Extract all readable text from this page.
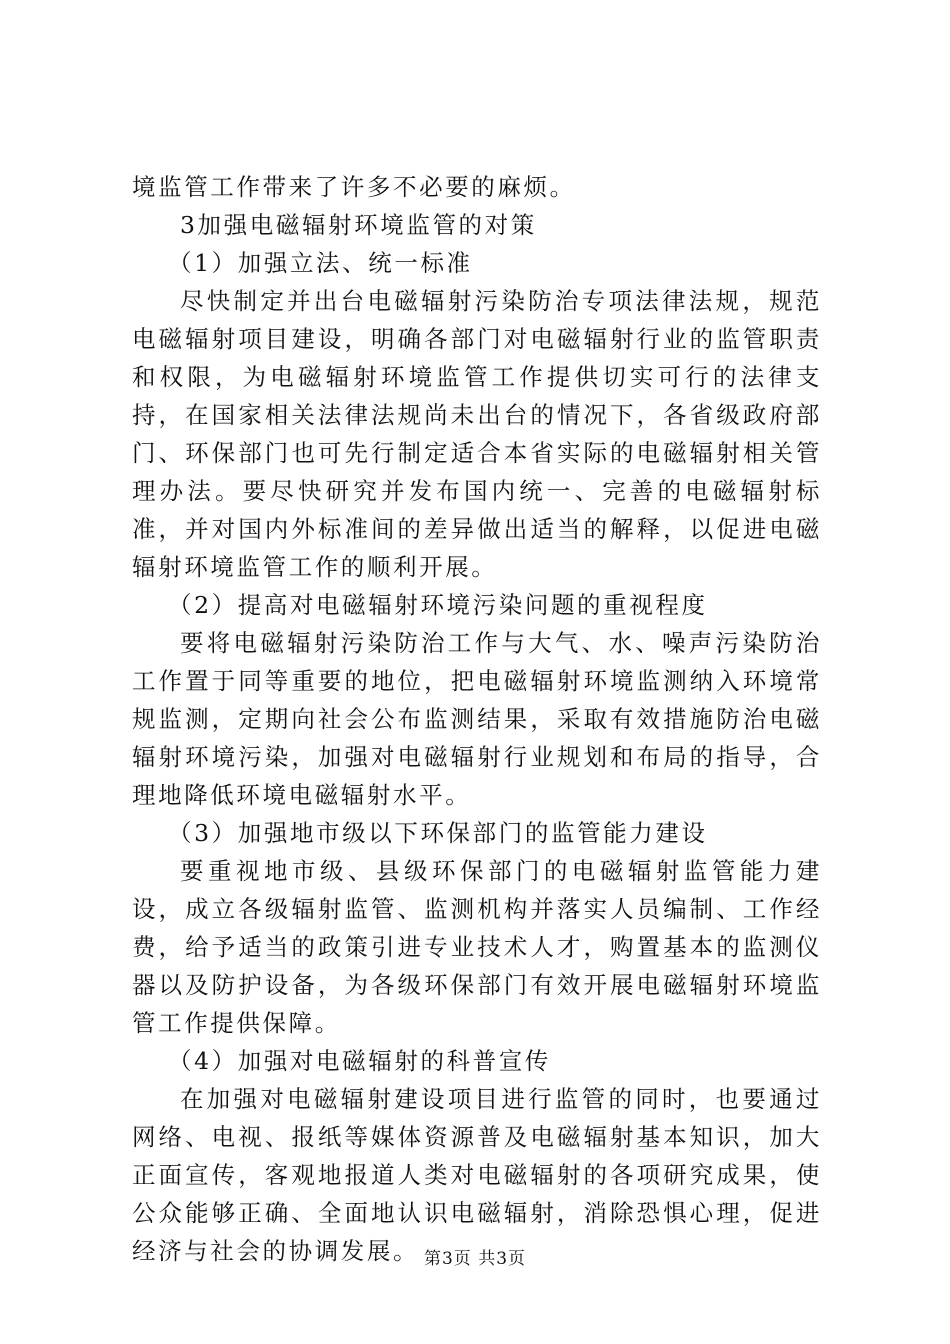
境监管工作带来了许多不必要的麻烦。

3加强电磁辐射环境监管的对策

（1）加强立法、统一标准

尽快制定并出台电磁辐射污染防治专项法律法规，规范电磁辐射项目建设，明确各部门对电磁辐射行业的监管职责和权限，为电磁辐射环境监管工作提供切实可行的法律支持，在国家相关法律法规尚未出台的情况下，各省级政府部门、环保部门也可先行制定适合本省实际的电磁辐射相关管理办法。要尽快研究并发布国内统一、完善的电磁辐射标准，并对国内外标准间的差异做出适当的解释，以促进电磁辐射环境监管工作的顺利开展。

（2）提高对电磁辐射环境污染问题的重视程度

要将电磁辐射污染防治工作与大气、水、噪声污染防治工作置于同等重要的地位，把电磁辐射环境监测纳入环境常规监测，定期向社会公布监测结果，采取有效措施防治电磁辐射环境污染，加强对电磁辐射行业规划和布局的指导，合理地降低环境电磁辐射水平。

（3）加强地市级以下环保部门的监管能力建设

要重视地市级、县级环保部门的电磁辐射监管能力建设，成立各级辐射监管、监测机构并落实人员编制、工作经费，给予适当的政策引进专业技术人才，购置基本的监测仪器以及防护设备，为各级环保部门有效开展电磁辐射环境监管工作提供保障。

（4）加强对电磁辐射的科普宣传

在加强对电磁辐射建设项目进行监管的同时，也要通过网络、电视、报纸等媒体资源普及电磁辐射基本知识，加大正面宣传，客观地报道人类对电磁辐射的各项研究成果，使公众能够正确、全面地认识电磁辐射，消除恐惧心理，促进经济与社会的协调发展。 第3页 共3页
